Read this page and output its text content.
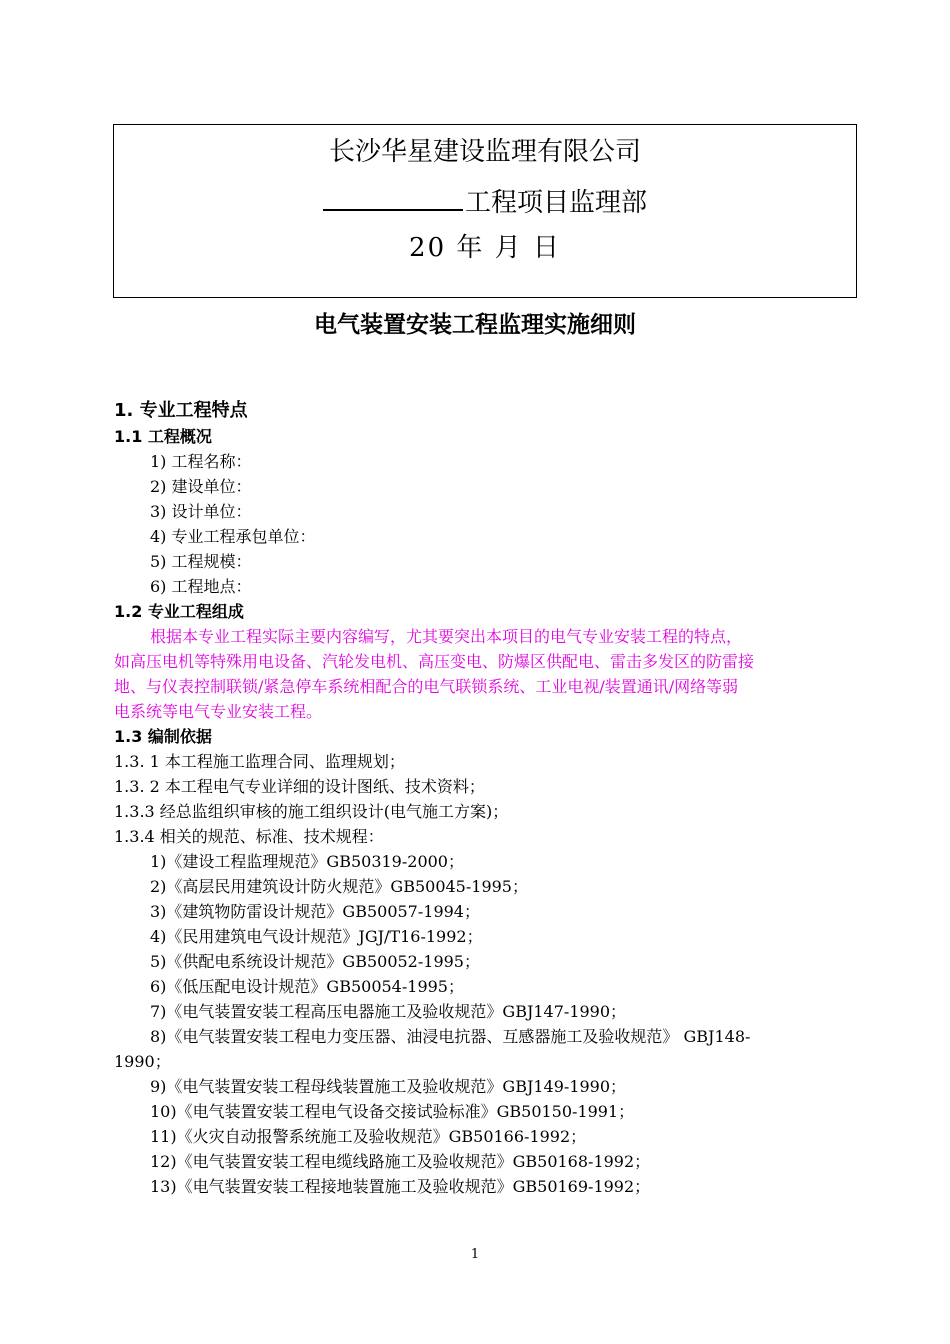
长沙华星建设监理有限公司
工程项目监理部
20 年 月 日
电气装置安装工程监理实施细则
1. 专业工程特点
1.1 工程概况
1) 工程名称：
2) 建设单位：
3) 设计单位：
4) 专业工程承包单位：
5) 工程规模：
6) 工程地点：
1.2 专业工程组成
根据本专业工程实际主要内容编写，尤其要突出本项目的电气专业安装工程的特点，
如高压电机等特殊用电设备、汽轮发电机、高压变电、防爆区供配电、雷击多发区的防雷接
地、与仪表控制联锁/紧急停车系统相配合的电气联锁系统、工业电视/装置通讯/网络等弱
电系统等电气专业安装工程。
1.3 编制依据
1.3. 1 本工程施工监理合同、监理规划；
1.3. 2 本工程电气专业详细的设计图纸、技术资料；
1.3.3 经总监组织审核的施工组织设计(电气施工方案)；
1.3.4 相关的规范、标准、技术规程：
1)《建设工程监理规范》GB50319-2000；
2)《高层民用建筑设计防火规范》GB50045-1995；
3)《建筑物防雷设计规范》GB50057-1994；
4)《民用建筑电气设计规范》JGJ/T16-1992；
5)《供配电系统设计规范》GB50052-1995；
6)《低压配电设计规范》GB50054-1995；
7)《电气装置安装工程高压电器施工及验收规范》GBJ147-1990；
8)《电气装置安装工程电力变压器、油浸电抗器、互感器施工及验收规范》 GBJ148-
1990；
9)《电气装置安装工程母线装置施工及验收规范》GBJ149-1990；
10)《电气装置安装工程电气设备交接试验标准》GB50150-1991；
11)《火灾自动报警系统施工及验收规范》GB50166-1992；
12)《电气装置安装工程电缆线路施工及验收规范》GB50168-1992；
13)《电气装置安装工程接地装置施工及验收规范》GB50169-1992；
1
